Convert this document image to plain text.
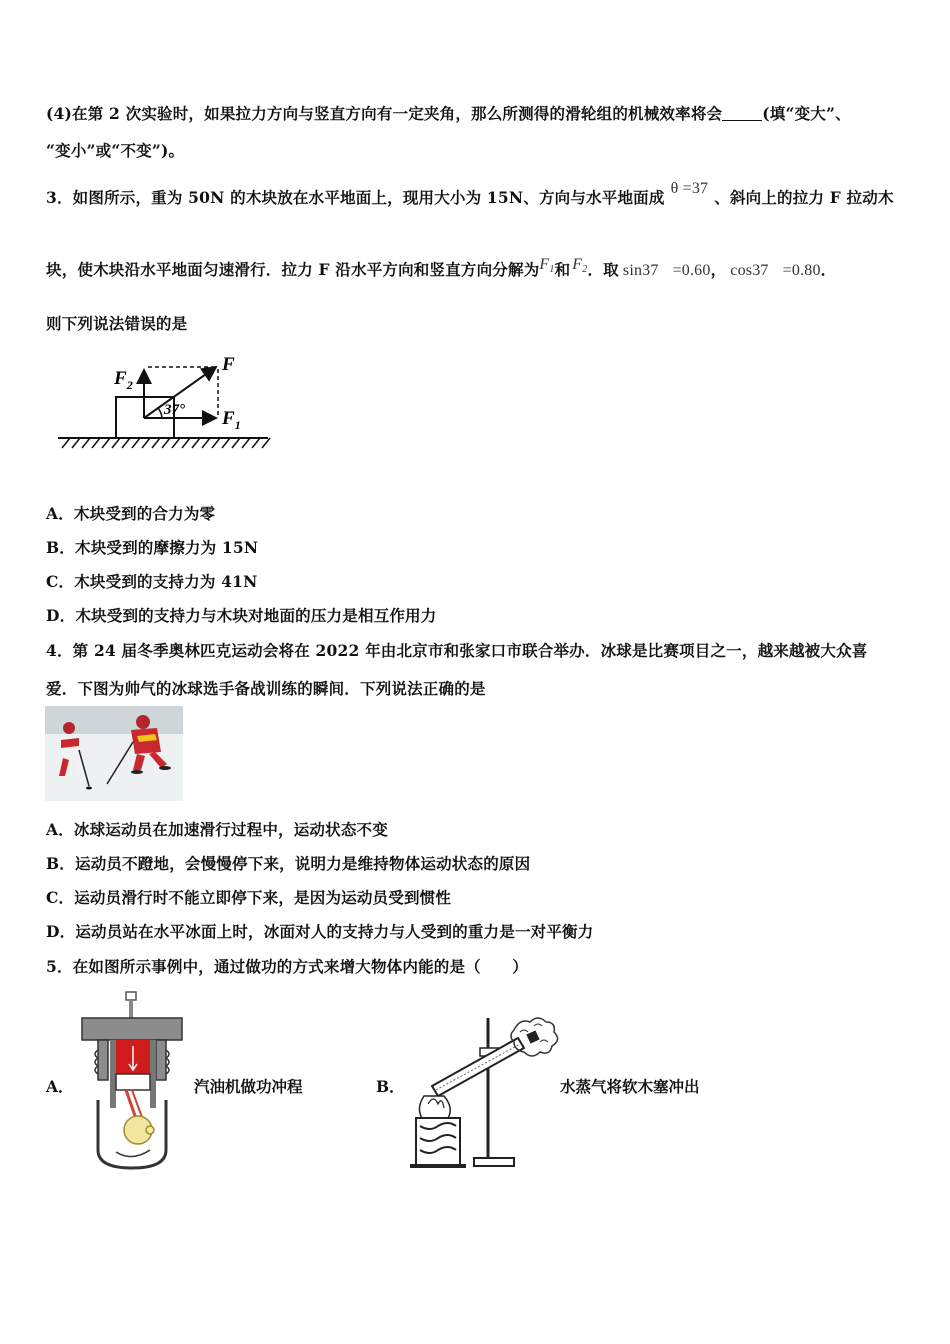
(4)在第 2 次实验时，如果拉力方向与竖直方向有一定夹角，那么所测得的滑轮组的机械效率将会	(填“变大”、
“变小”或“不变”)。
3．如图所示，重为 50N 的木块放在水平地面上，现用大小为 15N、方向与水平地面成 θ =37 、斜向上的拉力 F 拉动木
块，使木块沿水平地面匀速滑行．拉力 F 沿水平方向和竖直方向分解为$F_1$和 $F_2$．取 sin37 =0.60， cos37 =0.80．
则下列说法错误的是
37°
$F_2$
F
$F_1$
A．木块受到的合力为零
B．木块受到的摩擦力为 15N
C．木块受到的支持力为 41N
D．木块受到的支持力与木块对地面的压力是相互作用力
4．第 24 届冬季奥林匹克运动会将在 2022 年由北京市和张家口市联合举办．冰球是比赛项目之一，越来越被大众喜
爱．下图为帅气的冰球选手备战训练的瞬间．下列说法正确的是
A．冰球运动员在加速滑行过程中，运动状态不变
B．运动员不蹬地，会慢慢停下来，说明力是维持物体运动状态的原因
C．运动员滑行时不能立即停下来，是因为运动员受到惯性
D．运动员站在水平冰面上时，冰面对人的支持力与人受到的重力是一对平衡力
5．在如图所示事例中，通过做功的方式来增大物体内能的是（　　）
A．	汽油机做功冲程	B．	水蒸气将软木塞冲出
